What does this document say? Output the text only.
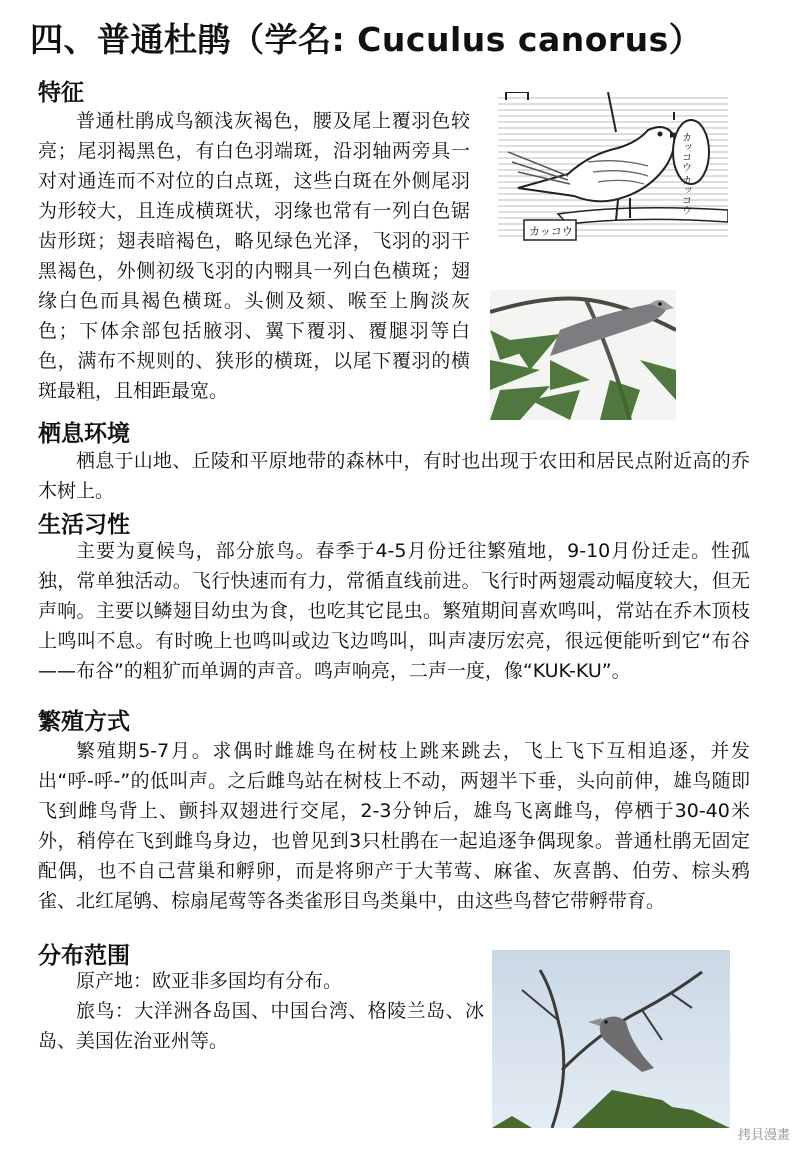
四、普通杜鹃（学名: Cuculus canorus）
特征

普通杜鹃成鸟额浅灰褐色，腰及尾上覆羽色较亮；尾羽褐黑色，有白色羽端斑，沿羽轴两旁具一对对通连而不对位的白点斑，这些白斑在外侧尾羽为形较大，且连成横斑状，羽缘也常有一列白色锯齿形斑；翅表暗褐色，略见绿色光泽，飞羽的羽干黑褐色，外侧初级飞羽的内翈具一列白色横斑；翅缘白色而具褐色横斑。头侧及颏、喉至上胸淡灰色；下体余部包括腋羽、翼下覆羽、覆腿羽等白色，满布不规则的、狭形的横斑，以尾下覆羽的横斑最粗，且相距最宽。

カッコウ カッコウ
カッコウ
栖息环境

栖息于山地、丘陵和平原地带的森林中，有时也出现于农田和居民点附近高的乔木树上。

生活习性

主要为夏候鸟，部分旅鸟。春季于4-5月份迁往繁殖地，9-10月份迁走。性孤独，常单独活动。飞行快速而有力，常循直线前进。飞行时两翅震动幅度较大，但无声响。主要以鳞翅目幼虫为食，也吃其它昆虫。繁殖期间喜欢鸣叫，常站在乔木顶枝上鸣叫不息。有时晚上也鸣叫或边飞边鸣叫，叫声凄厉宏亮，很远便能听到它“布谷——布谷”的粗犷而单调的声音。鸣声响亮，二声一度，像“KUK-KU”。

繁殖方式

繁殖期5-7月。求偶时雌雄鸟在树枝上跳来跳去，飞上飞下互相追逐，并发出“呼-呼-”的低叫声。之后雌鸟站在树枝上不动，两翅半下垂，头向前伸，雄鸟随即飞到雌鸟背上、颤抖双翅进行交尾，2-3分钟后，雄鸟飞离雌鸟，停栖于30-40米外，稍停在飞到雌鸟身边，也曾见到3只杜鹃在一起追逐争偶现象。普通杜鹃无固定配偶，也不自己营巢和孵卵，而是将卵产于大苇莺、麻雀、灰喜鹊、伯劳、棕头鸦雀、北红尾鸲、棕扇尾莺等各类雀形目鸟类巢中，由这些鸟替它带孵带育。

分布范围

原产地：欧亚非多国均有分布。

旅鸟：大洋洲各岛国、中国台湾、格陵兰岛、冰岛、美国佐治亚州等。

拷貝漫畫
